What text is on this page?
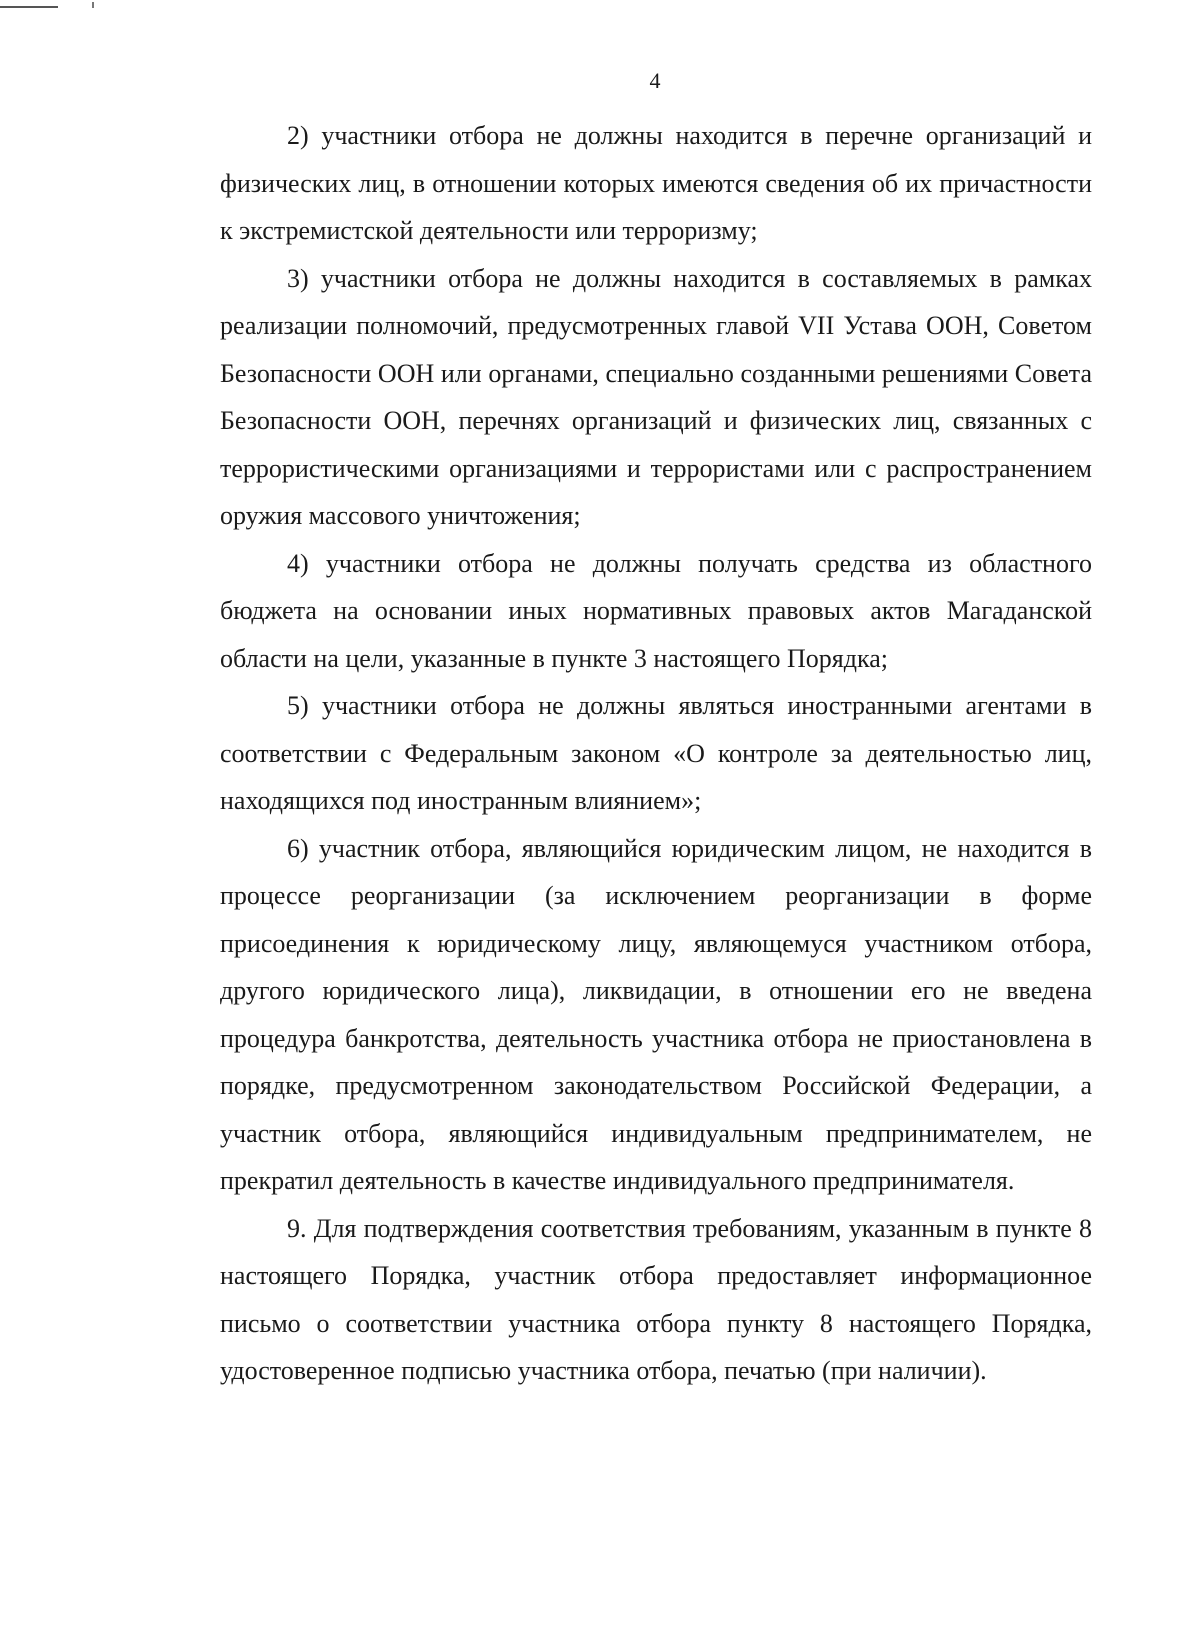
4

2) участники отбора не должны находится в перечне организаций и физических лиц, в отношении которых имеются сведения об их причастности к экстремистской деятельности или терроризму;

3) участники отбора не должны находится в составляемых в рамках реализации полномочий, предусмотренных главой VII Устава ООН, Советом Безопасности ООН или органами, специально созданными решениями Совета Безопасности ООН, перечнях организаций и физических лиц, связанных с террористическими организациями и террористами или с распространением оружия массового уничтожения;

4) участники отбора не должны получать средства из областного бюджета на основании иных нормативных правовых актов Магаданской области на цели, указанные в пункте 3 настоящего Порядка;

5) участники отбора не должны являться иностранными агентами в соответствии с Федеральным законом «О контроле за деятельностью лиц, находящихся под иностранным влиянием»;

6) участник отбора, являющийся юридическим лицом, не находится в процессе реорганизации (за исключением реорганизации в форме присоединения к юридическому лицу, являющемуся участником отбора, другого юридического лица), ликвидации, в отношении его не введена процедура банкротства, деятельность участника отбора не приостановлена в порядке, предусмотренном законодательством Российской Федерации, а участник отбора, являющийся индивидуальным предпринимателем, не прекратил деятельность в качестве индивидуального предпринимателя.

9. Для подтверждения соответствия требованиям, указанным в пункте 8 настоящего Порядка, участник отбора предоставляет информационное письмо о соответствии участника отбора пункту 8 настоящего Порядка, удостоверенное подписью участника отбора, печатью (при наличии).
